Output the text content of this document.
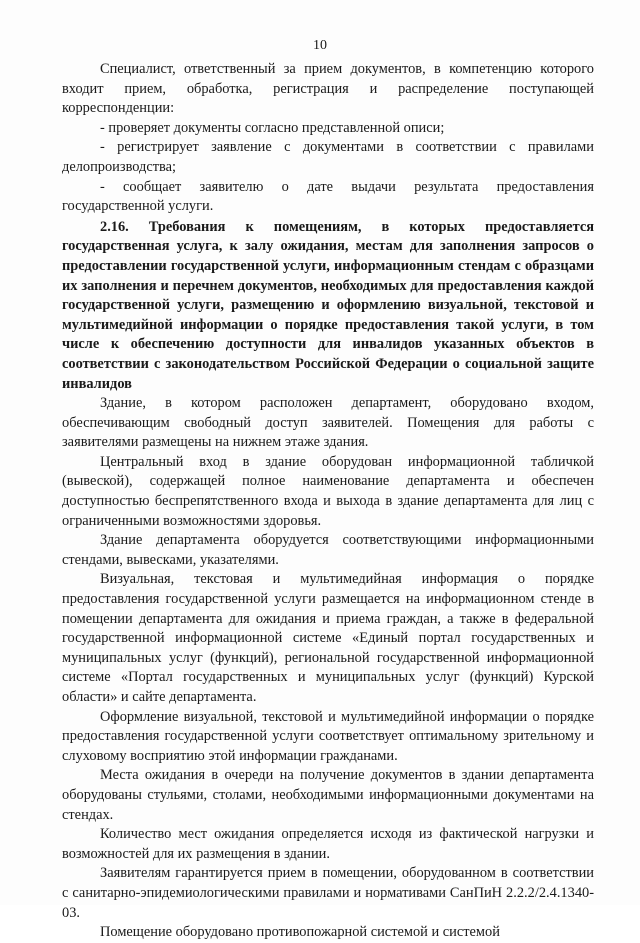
10

Специалист, ответственный за прием документов, в компетенцию которого входит прием, обработка, регистрация и распределение поступающей корреспонденции:

- проверяет документы согласно представленной описи;

- регистрирует заявление с документами в соответствии с правилами делопроизводства;

- сообщает заявителю о дате выдачи результата предоставления государственной услуги.

2.16. Требования к помещениям, в которых предоставляется государственная услуга, к залу ожидания, местам для заполнения запросов о предоставлении государственной услуги, информационным стендам с образцами их заполнения и перечнем документов, необходимых для предоставления каждой государственной услуги, размещению и оформлению визуальной, текстовой и мультимедийной информации о порядке предоставления такой услуги, в том числе к обеспечению доступности для инвалидов указанных объектов в соответствии с законодательством Российской Федерации о социальной защите инвалидов

Здание, в котором расположен департамент, оборудовано входом, обеспечивающим свободный доступ заявителей. Помещения для работы с заявителями размещены на нижнем этаже здания.

Центральный вход в здание оборудован информационной табличкой (вывеской), содержащей полное наименование департамента и обеспечен доступностью беспрепятственного входа и выхода в здание департамента для лиц с ограниченными возможностями здоровья.

Здание департамента оборудуется соответствующими информационными стендами, вывесками, указателями.

Визуальная, текстовая и мультимедийная информация о порядке предоставления государственной услуги размещается на информационном стенде в помещении департамента для ожидания и приема граждан, а также в федеральной государственной информационной системе «Единый портал государственных и муниципальных услуг (функций), региональной государственной информационной системе «Портал государственных и муниципальных услуг (функций) Курской области» и сайте департамента.

Оформление визуальной, текстовой и мультимедийной информации о порядке предоставления государственной услуги соответствует оптимальному зрительному и слуховому восприятию этой информации гражданами.

Места ожидания в очереди на получение документов в здании департамента оборудованы стульями, столами, необходимыми информационными документами на стендах.

Количество мест ожидания определяется исходя из фактической нагрузки и возможностей для их размещения в здании.

Заявителям гарантируется прием в помещении, оборудованном в соответствии с санитарно-эпидемиологическими правилами и нормативами СанПиН 2.2.2/2.4.1340-03.

Помещение оборудовано противопожарной системой и системой
